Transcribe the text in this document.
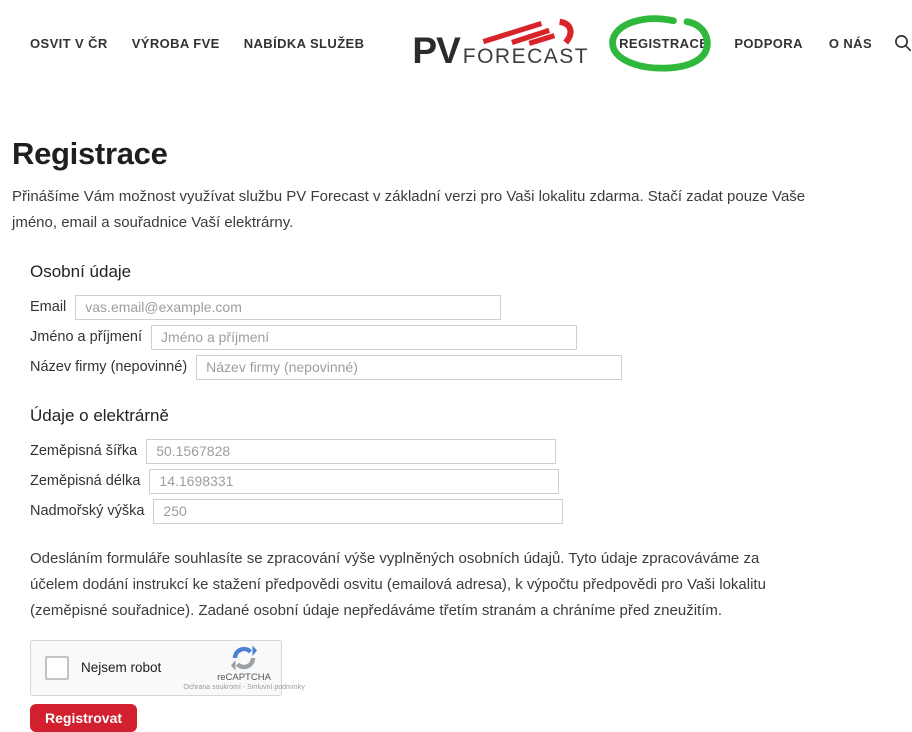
OSVIT V ČR VÝROBA FVE NABÍDKA SLUŽEB PV FORECAST
REGISTRACE PODPORA O NÁS
Registrace

Přinášíme Vám možnost využívat službu PV Forecast v základní verzi pro Vaši lokalitu zdarma. Stačí zadat pouze Vaše jméno, email a souřadnice Vaší elektrárny.

Osobní údaje
Email
vas.email@example.com
Jméno a příjmení
Jméno a příjmení
Název firmy (nepovinné)
Název firmy (nepovinné)
Údaje o elektrárně
Zeměpisná šířka
50.1567828
Zeměpisná délka
14.1698331
Nadmořský výška
250

Odesláním formuláře souhlasíte se zpracování výše vyplněných osobních údajů. Tyto údaje zpracováváme za účelem dodání instrukcí ke stažení předpovědi osvitu (emailová adresa), k výpočtu předpovědi pro Vaši lokalitu (zeměpisné souřadnice). Zadané osobní údaje nepředáváme třetím stranám a chráníme před zneužitím.

Nejsem robot
reCAPTCHA
Ochrana soukromí - Smluvní podmínky
Registrovat
